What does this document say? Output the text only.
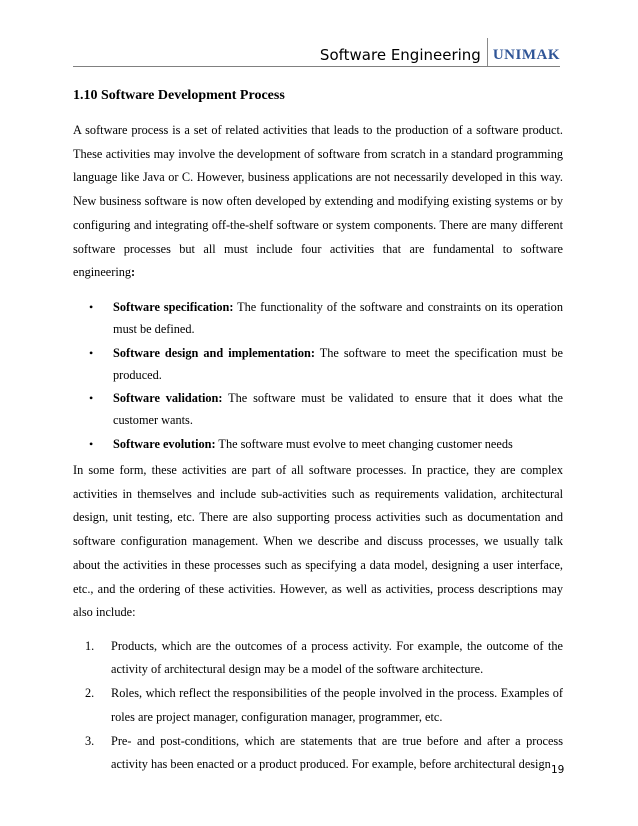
Software Engineering UNIMAK
1.10 Software Development Process

A software process is a set of related activities that leads to the production of a software product. These activities may involve the development of software from scratch in a standard programming language like Java or C. However, business applications are not necessarily developed in this way. New business software is now often developed by extending and modifying existing systems or by configuring and integrating off-the-shelf software or system components. There are many different software processes but all must include four activities that are fundamental to software engineering:

• Software specification: The functionality of the software and constraints on its operation must be defined.
• Software design and implementation: The software to meet the specification must be produced.
• Software validation: The software must be validated to ensure that it does what the customer wants.
• Software evolution: The software must evolve to meet changing customer needs

In some form, these activities are part of all software processes. In practice, they are complex activities in themselves and include sub-activities such as requirements validation, architectural design, unit testing, etc. There are also supporting process activities such as documentation and software configuration management. When we describe and discuss processes, we usually talk about the activities in these processes such as specifying a data model, designing a user interface, etc., and the ordering of these activities. However, as well as activities, process descriptions may also include:

1. Products, which are the outcomes of a process activity. For example, the outcome of the activity of architectural design may be a model of the software architecture.
2. Roles, which reflect the responsibilities of the people involved in the process. Examples of roles are project manager, configuration manager, programmer, etc.
3. Pre- and post-conditions, which are statements that are true before and after a process activity has been enacted or a product produced. For example, before architectural design 19
